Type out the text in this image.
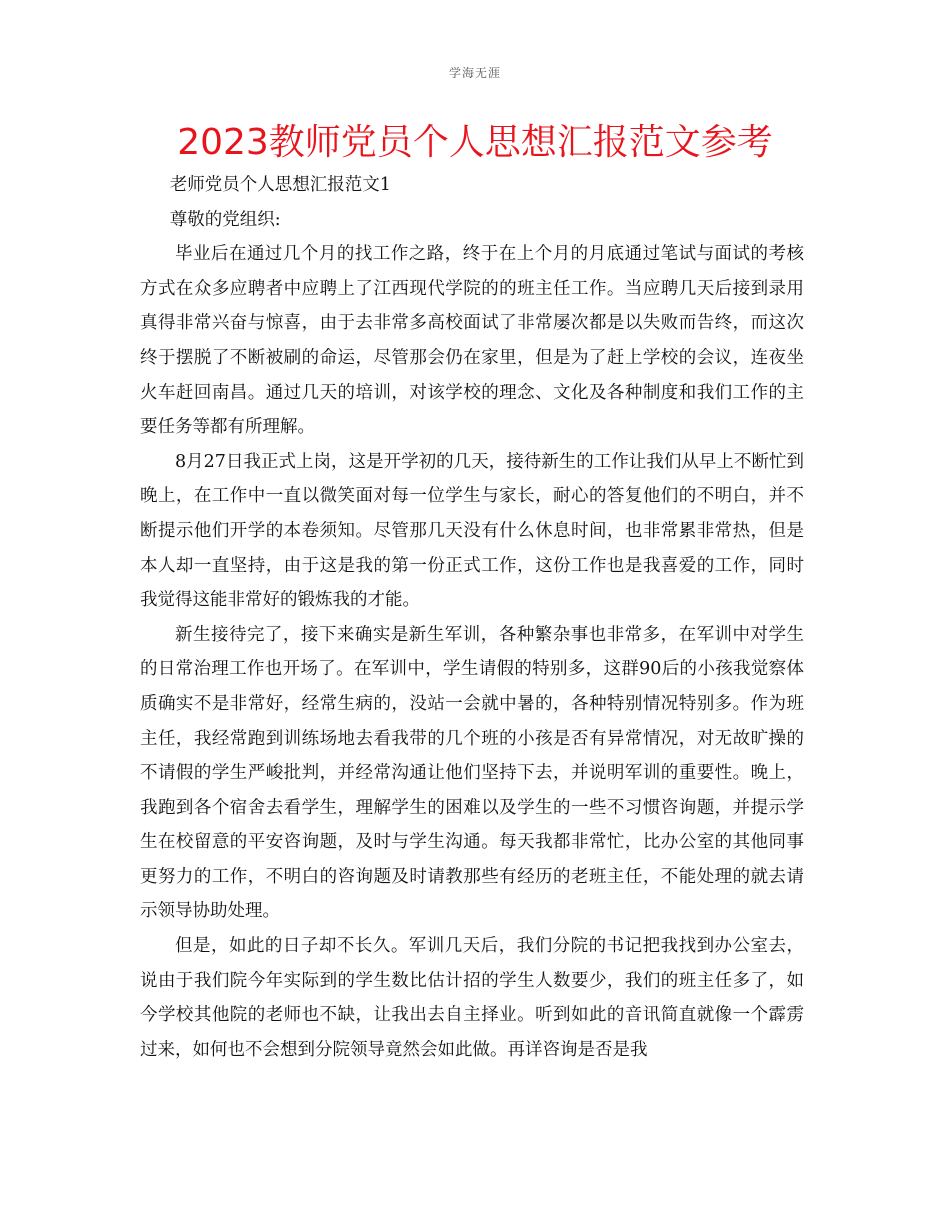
学海无涯
2023教师党员个人思想汇报范文参考

老师党员个人思想汇报范文1

尊敬的党组织:

毕业后在通过几个月的找工作之路，终于在上个月的月底通过笔试与面试的考核方式在众多应聘者中应聘上了江西现代学院的的班主任工作。当应聘几天后接到录用真得非常兴奋与惊喜，由于去非常多高校面试了非常屡次都是以失败而告终，而这次终于摆脱了不断被刷的命运，尽管那会仍在家里，但是为了赶上学校的会议，连夜坐火车赶回南昌。通过几天的培训，对该学校的理念、文化及各种制度和我们工作的主要任务等都有所理解。

8月27日我正式上岗，这是开学初的几天，接待新生的工作让我们从早上不断忙到晚上，在工作中一直以微笑面对每一位学生与家长，耐心的答复他们的不明白，并不断提示他们开学的本卷须知。尽管那几天没有什么休息时间，也非常累非常热，但是本人却一直坚持，由于这是我的第一份正式工作，这份工作也是我喜爱的工作，同时我觉得这能非常好的锻炼我的才能。

新生接待完了，接下来确实是新生军训，各种繁杂事也非常多，在军训中对学生的日常治理工作也开场了。在军训中，学生请假的特别多，这群90后的小孩我觉察体质确实不是非常好，经常生病的，没站一会就中暑的，各种特别情况特别多。作为班主任，我经常跑到训练场地去看我带的几个班的小孩是否有异常情况，对无故旷操的不请假的学生严峻批判，并经常沟通让他们坚持下去，并说明军训的重要性。晚上，我跑到各个宿舍去看学生，理解学生的困难以及学生的一些不习惯咨询题，并提示学生在校留意的平安咨询题，及时与学生沟通。每天我都非常忙，比办公室的其他同事更努力的工作，不明白的咨询题及时请教那些有经历的老班主任，不能处理的就去请示领导协助处理。

但是，如此的日子却不长久。军训几天后，我们分院的书记把我找到办公室去，说由于我们院今年实际到的学生数比估计招的学生人数要少，我们的班主任多了，如今学校其他院的老师也不缺，让我出去自主择业。听到如此的音讯简直就像一个霹雳过来，如何也不会想到分院领导竟然会如此做。再详咨询是否是我
